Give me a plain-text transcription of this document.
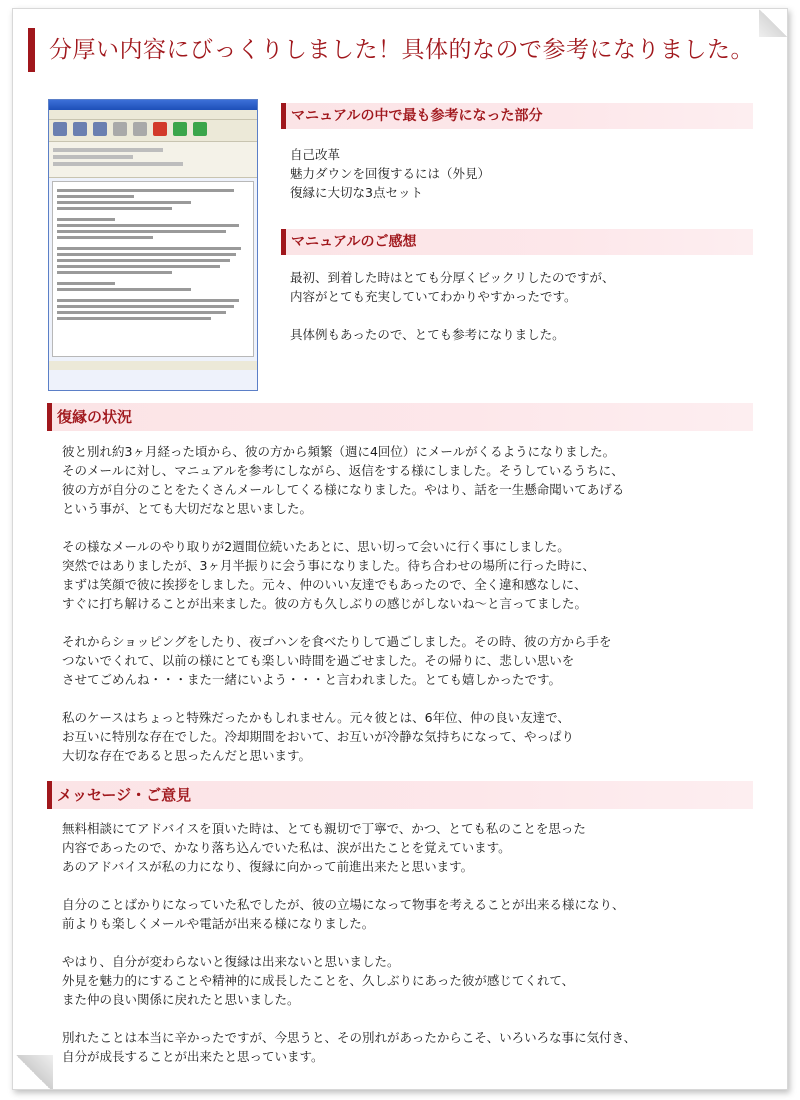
分厚い内容にびっくりしました！具体的なので参考になりました。
マニュアルの中で最も参考になった部分
自己改革
魅力ダウンを回復するには（外見）
復縁に大切な3点セット
マニュアルのご感想
最初、到着した時はとても分厚くビックリしたのですが、
内容がとても充実していてわかりやすかったです。

具体例もあったので、とても参考になりました。
復縁の状況
彼と別れ約3ヶ月経った頃から、彼の方から頻繁（週に4回位）にメールがくるようになりました。
そのメールに対し、マニュアルを参考にしながら、返信をする様にしました。そうしているうちに、
彼の方が自分のことをたくさんメールしてくる様になりました。やはり、話を一生懸命聞いてあげる
という事が、とても大切だなと思いました。

その様なメールのやり取りが2週間位続いたあとに、思い切って会いに行く事にしました。
突然ではありましたが、3ヶ月半振りに会う事になりました。待ち合わせの場所に行った時に、
まずは笑顔で彼に挨拶をしました。元々、仲のいい友達でもあったので、全く違和感なしに、
すぐに打ち解けることが出来ました。彼の方も久しぶりの感じがしないね～と言ってました。

それからショッピングをしたり、夜ゴハンを食べたりして過ごしました。その時、彼の方から手を
つないでくれて、以前の様にとても楽しい時間を過ごせました。その帰りに、悲しい思いを
させてごめんね・・・また一緒にいよう・・・と言われました。とても嬉しかったです。

私のケースはちょっと特殊だったかもしれません。元々彼とは、6年位、仲の良い友達で、
お互いに特別な存在でした。冷却期間をおいて、お互いが冷静な気持ちになって、やっぱり
大切な存在であると思ったんだと思います。
メッセージ・ご意見
無料相談にてアドバイスを頂いた時は、とても親切で丁寧で、かつ、とても私のことを思った
内容であったので、かなり落ち込んでいた私は、涙が出たことを覚えています。
あのアドバイスが私の力になり、復縁に向かって前進出来たと思います。

自分のことばかりになっていた私でしたが、彼の立場になって物事を考えることが出来る様になり、
前よりも楽しくメールや電話が出来る様になりました。

やはり、自分が変わらないと復縁は出来ないと思いました。
外見を魅力的にすることや精神的に成長したことを、久しぶりにあった彼が感じてくれて、
また仲の良い関係に戻れたと思いました。

別れたことは本当に辛かったですが、今思うと、その別れがあったからこそ、いろいろな事に気付き、
自分が成長することが出来たと思っています。
